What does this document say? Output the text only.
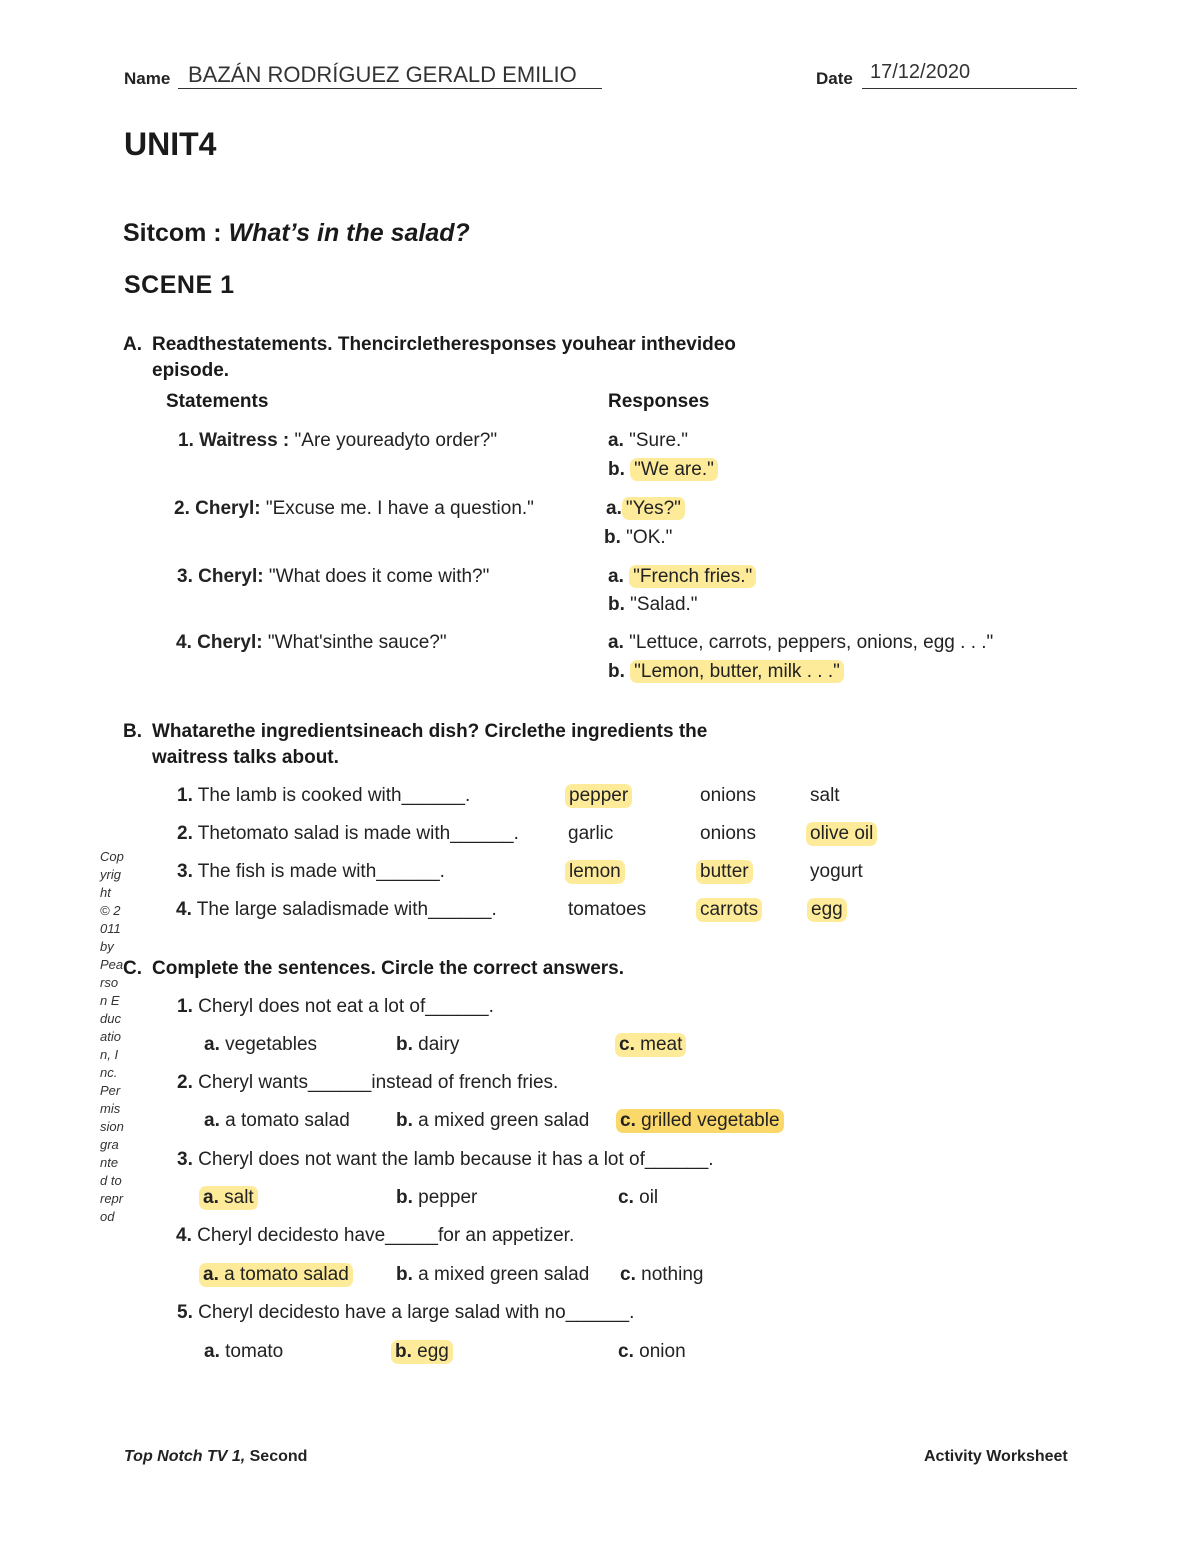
Name BAZÁN RODRÍGUEZ GERALD EMILIO	Date 17/12/2020
UNIT4
Sitcom : What’s in the salad?
SCENE 1
A. Readthestatements. Thencircletheresponses youhear inthevideo
episode.
Statements	Responses
1. Waitress : "Are youreadyto order?"	a. "Sure."
b. "We are."
2. Cheryl: "Excuse me. I have a question."	a. "Yes?"
b. "OK."
3. Cheryl: "What does it come with?"	a. "French fries."
b. "Salad."
4. Cheryl: "What'sinthe sauce?"	a. "Lettuce, carrots, peppers, onions, egg . . ."
b. "Lemon, butter, milk . . ."
B. Whatarethe ingredientsineach dish? Circlethe ingredients the
waitress talks about.
1. The lamb is cooked with______.	pepper	onions	salt
2. Thetomato salad is made with______.	garlic	onions	olive oil
3. The fish is made with______.	lemon	butter	yogurt
4. The large saladismade with______.	tomatoes	carrots	egg
Copyright © 2011 by Pearson Education, Inc. Permission granted to reprod
C. Complete the sentences. Circle the correct answers.
1. Cheryl does not eat a lot of______.
a. vegetables	b. dairy	c. meat
2. Cheryl wants______instead of french fries.
a. a tomato salad b. a mixed green salad c. grilled vegetable
3. Cheryl does not want the lamb because it has a lot of______.
a. salt	b. pepper	c. oil
4. Cheryl decidesto have_____for an appetizer.
a. a tomato salad b. a mixed green salad c. nothing
5. Cheryl decidesto have a large salad with no______.
a. tomato	b. egg	c. onion
Top Notch TV 1, Second	Activity Worksheet
